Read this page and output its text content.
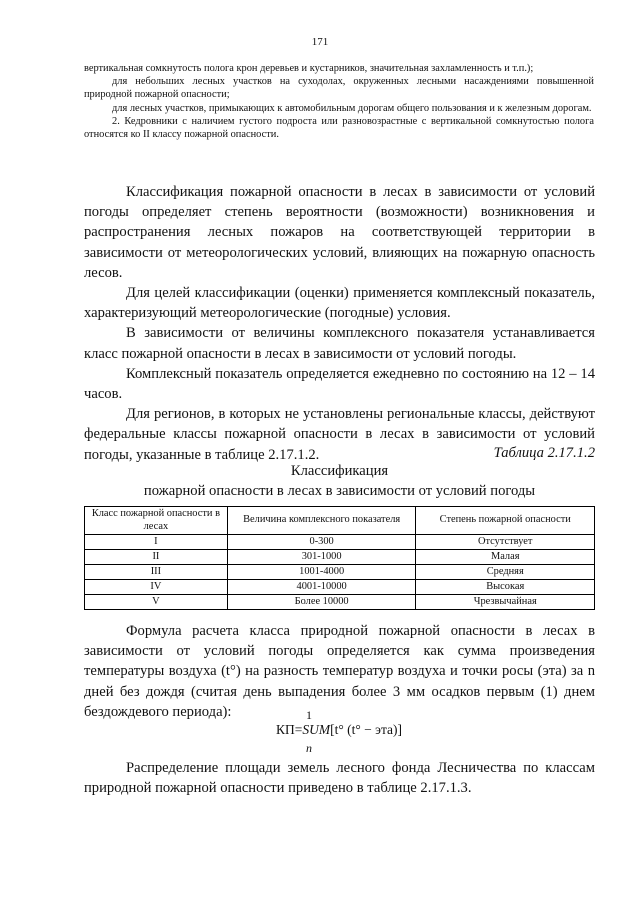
171

вертикальная сомкнутость полога крон деревьев и кустарников, значительная захламленность и т.п.);

для небольших лесных участков на суходолах, окруженных лесными насаждениями повышенной природной пожарной опасности;

для лесных участков, примыкающих к автомобильным дорогам общего пользования и к железным дорогам.

2. Кедровники с наличием густого подроста или разновозрастные с вертикальной сомкнутостью полога относятся ко II классу пожарной опасности.

Классификация пожарной опасности в лесах в зависимости от условий погоды определяет степень вероятности (возможности) возникновения и распространения лесных пожаров на соответствующей территории в зависимости от метеорологических условий, влияющих на пожарную опасность лесов.

Для целей классификации (оценки) применяется комплексный показатель, характеризующий метеорологические (погодные) условия.

В зависимости от величины комплексного показателя устанавливается класс пожарной опасности в лесах в зависимости от условий погоды.

Комплексный показатель определяется ежедневно по состоянию на 12 – 14 часов.

Для регионов, в которых не установлены региональные классы, действуют федеральные классы пожарной опасности в лесах в зависимости от условий погоды, указанные в таблице 2.17.1.2.	Таблица 2.17.1.2
Классификация
пожарной опасности в лесах в зависимости от условий погоды
Класс пожарной опасности в лесах	Величина комплексного показателя	Степень пожарной опасности
I	0-300	Отсутствует
II	301-1000	Малая
III	1001-4000	Средняя
IV	4001-10000	Высокая
V	Более 10000	Чрезвычайная

Формула расчета класса природной пожарной опасности в лесах в зависимости от условий погоды определяется как сумма произведения температуры воздуха (t°) на разность температур воздуха и точки росы (эта) за n дней без дождя (считая день выпадения более 3 мм осадков первым (1) днем бездождевого периода):	1
КП=SUM[t° (t° − эта)]
n

Распределение площади земель лесного фонда Лесничества по классам природной пожарной опасности приведено в таблице 2.17.1.3.
